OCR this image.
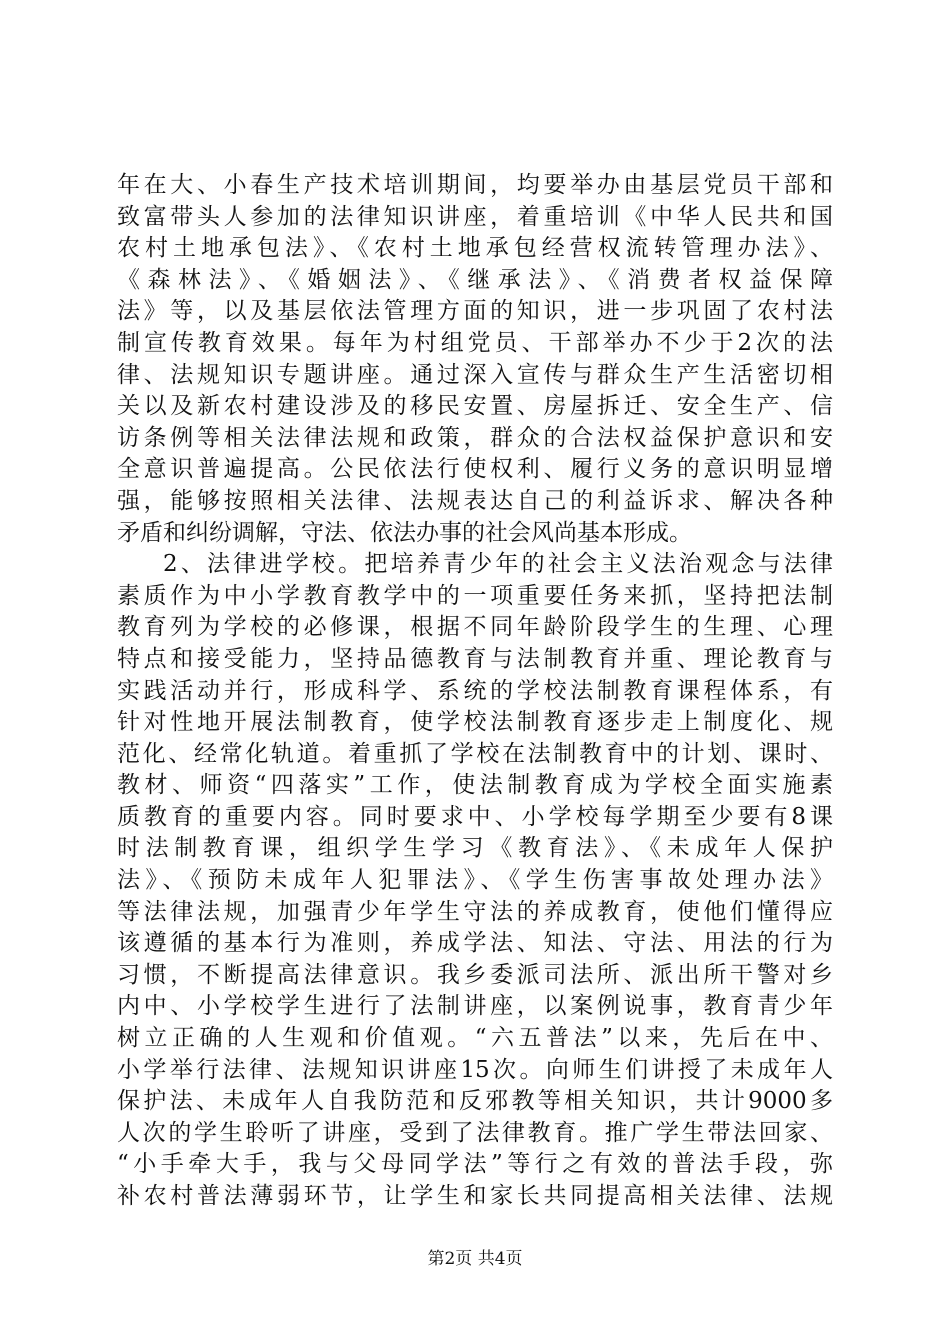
年在大、小春生产技术培训期间，均要举办由基层党员干部和
致富带头人参加的法律知识讲座，着重培训《中华人民共和国
农村土地承包法》、《农村土地承包经营权流转管理办法》、
《森林法》、《婚姻法》、《继承法》、《消费者权益保障
法》等，以及基层依法管理方面的知识，进一步巩固了农村法
制宣传教育效果。每年为村组党员、干部举办不少于2次的法
律、法规知识专题讲座。通过深入宣传与群众生产生活密切相
关以及新农村建设涉及的移民安置、房屋拆迁、安全生产、信
访条例等相关法律法规和政策，群众的合法权益保护意识和安
全意识普遍提高。公民依法行使权利、履行义务的意识明显增
强，能够按照相关法律、法规表达自己的利益诉求、解决各种
矛盾和纠纷调解，守法、依法办事的社会风尚基本形成。
2、法律进学校。把培养青少年的社会主义法治观念与法律
素质作为中小学教育教学中的一项重要任务来抓，坚持把法制
教育列为学校的必修课，根据不同年龄阶段学生的生理、心理
特点和接受能力，坚持品德教育与法制教育并重、理论教育与
实践活动并行，形成科学、系统的学校法制教育课程体系，有
针对性地开展法制教育，使学校法制教育逐步走上制度化、规
范化、经常化轨道。着重抓了学校在法制教育中的计划、课时、
教材、师资“四落实”工作，使法制教育成为学校全面实施素
质教育的重要内容。同时要求中、小学校每学期至少要有8课
时法制教育课，组织学生学习《教育法》、《未成年人保护
法》、《预防未成年人犯罪法》、《学生伤害事故处理办法》
等法律法规，加强青少年学生守法的养成教育，使他们懂得应
该遵循的基本行为准则，养成学法、知法、守法、用法的行为
习惯，不断提高法律意识。我乡委派司法所、派出所干警对乡
内中、小学校学生进行了法制讲座，以案例说事，教育青少年
树立正确的人生观和价值观。“六五普法”以来，先后在中、
小学举行法律、法规知识讲座15次。向师生们讲授了未成年人
保护法、未成年人自我防范和反邪教等相关知识，共计9000多
人次的学生聆听了讲座，受到了法律教育。推广学生带法回家、
“小手牵大手，我与父母同学法”等行之有效的普法手段，弥
补农村普法薄弱环节，让学生和家长共同提高相关法律、法规
第2页 共4页
